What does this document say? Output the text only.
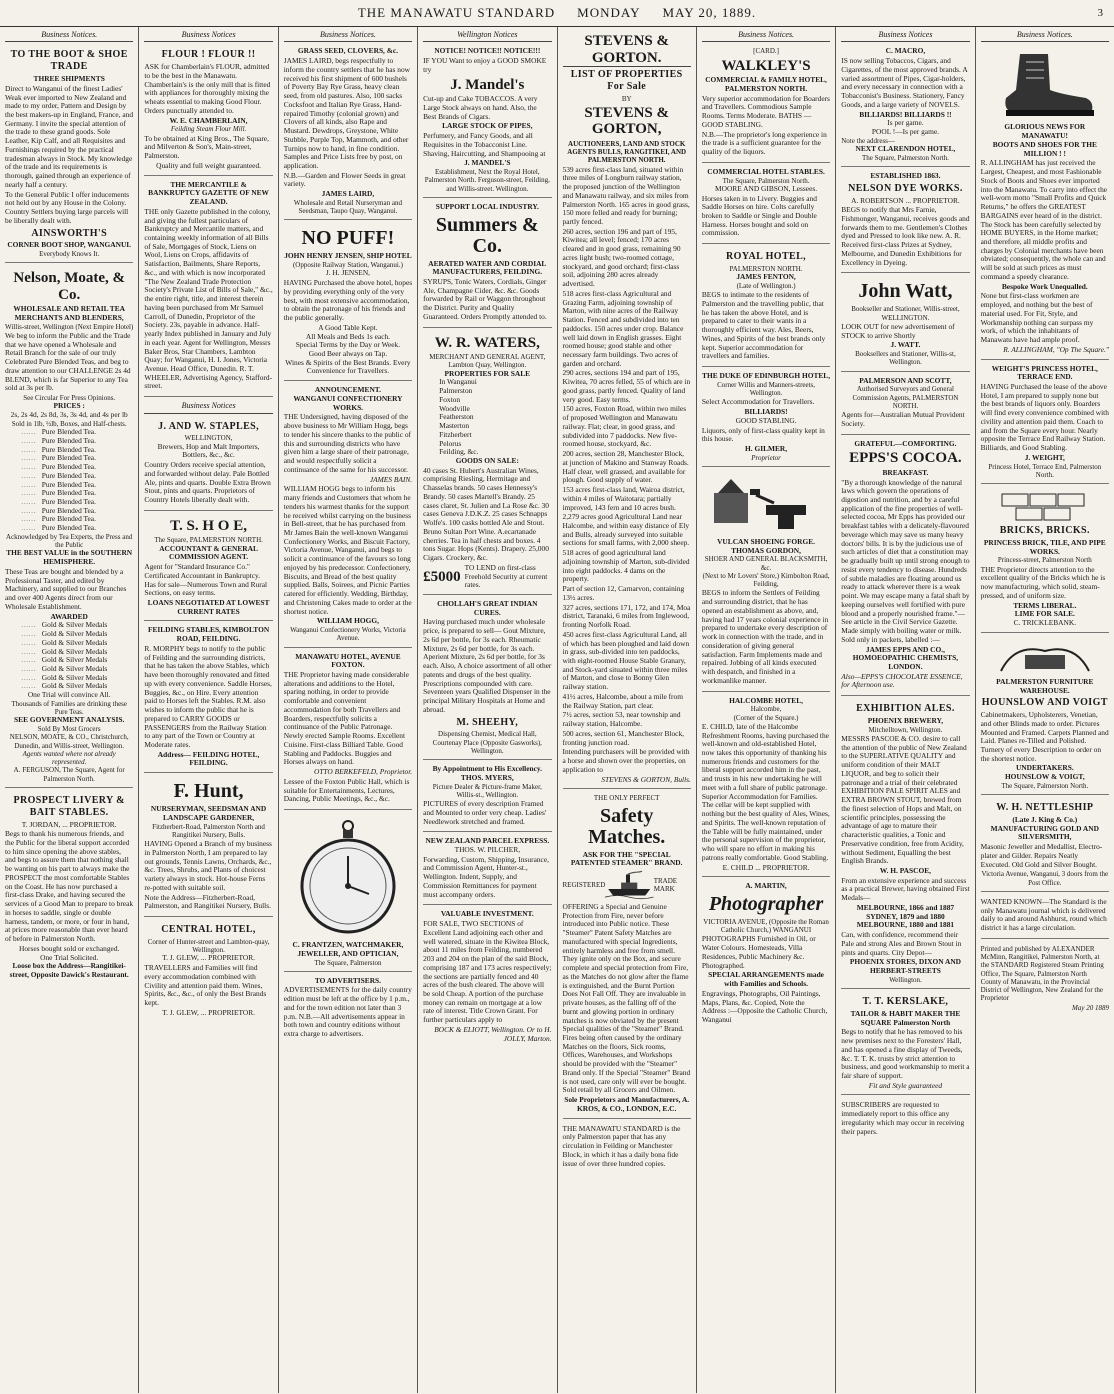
THE MANAWATU STANDARD MONDAY MAY 20, 1889.	3
Business Notices.
TO THE BOOT & SHOE TRADE
THREE SHIPMENTS

Direct to Wanganui of the finest Ladies' Weak ever imported to New Zealand and made to my order, Pattern and Design by the best makers-up in England, France, and Germany. I invite the special attention of the trade to these grand goods. Sole Leather, Kip Calf, and all Requisites and Furnishings required by the practical tradesman always in Stock. My knowledge of the trade and its requirements is thorough, gained through an experience of nearly half a century.

To the General Public I offer inducements not held out by any House in the Colony. Country Settlers buying large parcels will be liberally dealt with.

AINSWORTH'S
CORNER BOOT SHOP, WANGANUI.
Everybody Knows It.
Nelson, Moate, & Co.
WHOLESALE AND RETAIL TEA MERCHANTS AND BLENDERS,
Willis-street, Wellington (Next Empire Hotel)

We beg to inform the Public and the Trade that we have opened a Wholesale and Retail Branch for the sale of our truly Celebrated Pure Blended Teas, and beg to draw attention to our CHALLENGE 2s 4d BLEND, which is far Superior to any Tea sold at 3s per lb.

See Circular For Press Opinions.
PRICES :
2s, 2s 4d, 2s 8d, 3s, 3s 4d, and 4s per lb
Sold in 1lb, ½lb, Boxes, and Half-chests.
…… Pure Blended Tea.
…… Pure Blended Tea.
…… Pure Blended Tea.
…… Pure Blended Tea.
…… Pure Blended Tea.
…… Pure Blended Tea.
…… Pure Blended Tea.
…… Pure Blended Tea.
…… Pure Blended Tea.
…… Pure Blended Tea.
…… Pure Blended Tea.
…… Pure Blended Tea.
Acknowledged by Tea Experts, the Press and the Public
THE BEST VALUE in the SOUTHERN HEMISPHERE.

These Teas are bought and blended by a Professional Taster, and edited by Machinery, and supplied to our Branches and over 400 Agents direct from our Wholesale Establishment.

AWARDED
…… Gold & Silver Medals
…… Gold & Silver Medals
…… Gold & Silver Medals
…… Gold & Silver Medals
…… Gold & Silver Medals
…… Gold & Silver Medals
…… Gold & Silver Medals
…… Gold & Silver Medals
One Trial will convince All.
Thousands of Families are drinking these Pure Teas.
SEE GOVERNMENT ANALYSIS.
Sold By Most Grocers
NELSON, MOATE, & CO., Christchurch, Dunedin, and Willis-street, Wellington.
Agents wanted where not already represented.
A. FERGUSON, The Square, Agent for Palmerston North.
PROSPECT LIVERY & BAIT STABLES.
T. JORDAN, ... PROPRIETOR.

Begs to thank his numerous friends, and the Public for the liberal support accorded to him since opening the above stables, and begs to assure them that nothing shall be wanting on his part to always make the PROSPECT the most comfortable Stables on the Coast. He has now purchased a first-class Drake, and having secured the services of a Good Man to prepare to break in horses to saddle, single or double harness, tandem, or more, or four in hand, at prices more reasonable than ever heard of before in Palmerston North.

Horses bought sold or exchanged.
One Trial Solicited.
Loose box the Address—Rangitikei-street, Opposite Dawick's Restaurant.
Business Notices
FLOUR ! FLOUR !!

ASK for Chamberlain's FLOUR, admitted to be the best in the Manawatu. Chamberlain's is the only mill that is fitted with appliances for thoroughly mixing the wheats essential to making Good Flour. Orders punctually attended to.

W. E. CHAMBERLAIN,
Feilding Steam Flour Mill.

To be obtained at King Bros., The Square, and Milverton & Son's, Main-street, Palmerston.

Quality and full weight guaranteed.
THE MERCANTILE & BANKRUPTCY GAZETTE OF NEW ZEALAND.

THE only Gazette published in the colony, and giving the fullest particulars of Bankruptcy and Mercantile matters, and containing weekly information of all Bills of Sale, Mortgages of Stock, Liens on Wool, Liens on Crops, affidavits of Satisfaction, Bailments, Share Reports, &c., and with which is now incorporated "The New Zealand Trade Protection Society's Private List of Bills of Sale," &c., the entire right, title, and interest therein having been purchased from Mr Samuel Carroll, of Dunedin, Proprietor of the Society. 23s, payable in advance. Half-yearly Index published in January and July in each year. Agent for Wellington, Messrs Baker Bros, Star Chambers, Lambton Quay; for Wanganui, H. I. Jones, Victoria Avenue. Head Office, Dunedin. R. T. WHEELER, Advertising Agency, Stafford-street.

Business Notices
J. AND W. STAPLES,
WELLINGTON,
Brewers, Hop and Malt Importers, Bottlers, &c., &c.

Country Orders receive special attention, and forwarded without delay. Pale Bottled Ale, pints and quarts. Double Extra Brown Stout, pints and quarts. Proprietors of Country Hotels liberally dealt with.

T. S. H O E,
The Square, PALMERSTON NORTH.
ACCOUNTANT & GENERAL COMMISSION AGENT.

Agent for "Standard Insurance Co." Certificated Accountant in Bankruptcy. Has for sale—Numerous Town and Rural Sections, on easy terms.

LOANS NEGOTIATED AT LOWEST CURRENT RATES
FEILDING STABLES, KIMBOLTON ROAD, FEILDING.

R. MORPHY begs to notify to the public of Feilding and the surrounding districts, that he has taken the above Stables, which have been thoroughly renovated and fitted up with every convenience. Saddle Horses, Buggies, &c., on Hire. Every attention paid to Horses left the Stables. R.M. also wishes to inform the public that he is prepared to CARRY GOODS or PASSENGERS from the Railway Station to any part of the Town or Country at Moderate rates.

Address— FEILDING HOTEL, FEILDING.
F. Hunt,
NURSERYMAN, SEEDSMAN AND LANDSCAPE GARDENER,
Fitzherbert-Road, Palmerston North and Rangitikei Nursery, Bulls.

HAVING Opened a Branch of my business in Palmerston North, I am prepared to lay out grounds, Tennis Lawns, Orchards, &c., &c. Trees, Shrubs, and Plants of choicest variety always in stock. Hot-house Ferns re-potted with suitable soil.

Note the Address—Fitzherbert-Road, Palmerston, and Rangitikei Nursery, Bulls.

CENTRAL HOTEL,
Corner of Hunter-street and Lambton-quay, Wellington.
T. J. GLEW, ... PROPRIETOR.

TRAVELLERS and Families will find every accommodation combined with Civility and attention paid them. Wines, Spirits, &c., &c., of only the Best Brands kept.

T. J. GLEW, ... PROPRIETOR.
Business Notices.
GRASS SEED, CLOVERS, &c.

JAMES LAIRD, begs respectfully to inform the country settlers that he has now received his first shipment of 600 bushels of Poverty Bay Rye Grass, heavy clean seed, from old pastures. Also, 100 sacks Cocksfoot and Italian Rye Grass, Hand-repaired Timothy (colonial grown) and Clovers of all kinds, also Rape and Mustard. Dewdrops, Greystone, White Stubble, Purple Top, Mammoth, and other Turnips now to hand, in fine condition. Samples and Price Lists free by post, on application.

N.B.—Garden and Flower Seeds in great variety.

JAMES LAIRD,
Wholesale and Retail Nurseryman and Seedsman, Taupo Quay, Wanganui.
NO PUFF!
JOHN HENRY JENSEN, SHIP HOTEL
(Opposite Railway Station, Wanganui.)
J. H. JENSEN,

HAVING Purchased the above hotel, hopes by providing everything only of the very best, with most extensive accommodation, to obtain the patronage of his friends and the public generally.

A Good Table Kept.
All Meals and Beds 1s each.
Special Terms by the Day or Week.
Good Beer always on Tap.
Wines & Spirits of the Best Brands. Every Convenience for Travellers.
ANNOUNCEMENT.
WANGANUI CONFECTIONERY WORKS.

THE Undersigned, having disposed of the above business to Mr William Hogg, begs to tender his sincere thanks to the public of this and surrounding districts who have given him a large share of their patronage, and would respectfully solicit a continuance of the same for his successor.

JAMES BAIN.

WILLIAM HOGG begs to inform his many friends and Customers that whom he tenders his warmest thanks for the support he received whilst carrying on the business in Bell-street, that he has purchased from Mr James Bain the well-known Wanganui Confectionery Works, and Biscuit Factory, Victoria Avenue, Wanganui, and begs to solicit a continuance of the favours so long enjoyed by his predecessor. Confectionery, Biscuits, and Bread of the best quality supplied. Balls, Soirees, and Picnic Parties catered for efficiently. Wedding, Birthday, and Christening Cakes made to order at the shortest notice.

WILLIAM HOGG,
Wanganui Confectionery Works, Victoria Avenue.
MANAWATU HOTEL, AVENUE FOXTON.

THE Proprietor having made considerable alterations and additions to the Hotel, sparing nothing, in order to provide comfortable and convenient accommodation for both Travellers and Boarders, respectfully solicits a continuance of the Public Patronage. Newly erected Sample Rooms. Excellent Cuisine. First-class Billiard Table. Good Stabling and Paddocks. Buggies and Horses always on hand.

OTTO BERKEFELD, Proprietor.

Lessee of the Foxton Public Hall, which is suitable for Entertainments, Lectures, Dancing, Public Meetings, &c., &c.

C. FRANTZEN, WATCHMAKER, JEWELLER, AND OPTICIAN,
The Square, Palmerston
TO ADVERTISERS.

ADVERTISEMENTS for the daily country edition must be left at the office by 1 p.m., and for the town edition not later than 3 p.m. N.B.—All advertisements appear in both town and country editions without extra charge to advertisers.

Wellington Notices
NOTICE! NOTICE!! NOTICE!!!

IF YOU Want to enjoy a GOOD SMOKE try

J. Mandel's

Cut-up and Cake TOBACCOS. A very Large Stock always on hand. Also, the Best Brands of Cigars.

LARGE STOCK OF PIPES,

Perfumery, and Fancy Goods, and all Requisites in the Tobacconist Line. Shaving, Haircutting, and Shampooing at

J. MANDEL'S
Establishment, Next the Royal Hotel, Palmerston North. Ferguson-street, Feilding, and Willis-street. Wellington.
SUPPORT LOCAL INDUSTRY.
Summers & Co.
AERATED WATER AND CORDIAL MANUFACTURERS, FEILDING.

SYRUPS, Tonic Waters, Cordials, Ginger Ale, Champagne Cider, &c. &c. Goods forwarded by Rail or Waggon throughout the District. Purity and Quality Guaranteed. Orders Promptly attended to.

W. R. WATERS,
MERCHANT AND GENERAL AGENT, Lambton Quay, Wellington.
PROPERTIES FOR SALE
In Wanganui
Palmerston
Foxton
Woodville
Featherston
Masterton
Fitzherbert
Pelorus
Feilding, &c.
GOODS ON SALE:

40 cases St. Hubert's Australian Wines, comprising Riesling, Hermitage and Chasselas brands. 50 cases Hennessy's Brandy. 50 cases Martell's Brandy. 25 cases claret, St. Julien and La Rose &c. 30 cases Geneva J.D.K.Z. 25 cases Schnapps Wolfe's. 100 casks bottled Ale and Stout. Bruno Sultan Port Wine. A.ecartanade cherries. Tea in half chests and boxes. 4 tons Sugar. Hops (Kents). Drapery. 25,000 Cigars. Crockery, &c.

£5000
TO LEND on first-class Freehold Security at current rates.
CHOLLAH'S GREAT INDIAN CURES.

Having purchased much under wholesale price, is prepared to sell— Gout Mixture, 2s 6d per bottle, for 3s each. Rheumatic Mixture, 2s 6d per bottle, for 3s each. Aperient Mixture, 2s 6d per bottle, for 3s each. Also, A choice assortment of all other patents and drugs of the best quality. Prescriptions compounded with care. Seventeen years Qualified Dispenser in the principal Military Hospitals at Home and abroad.

M. SHEEHY,
Dispensing Chemist, Medical Hall, Courtenay Place (Opposite Gasworks), Wellington.
By Appointment to His Excellency. THOS. MYERS,
Picture Dealer & Picture-frame Maker, Willis-st., Wellington.

PICTURES of every description Framed and Mounted to order very cheap. Ladies' Needlework stretched and framed.

NEW ZEALAND PARCEL EXPRESS.
THOS. W. PILCHER,

Forwarding, Custom, Shipping, Insurance, and Commission Agent, Hunter-st., Wellington. Indent, Supply, and Commission Remittances for payment must accompany orders.

VALUABLE INVESTMENT.

FOR SALE, TWO SECTIONS of Excellent Land adjoining each other and well watered, situate in the Kiwitea Block, about 11 miles from Feilding, numbered 203 and 204 on the plan of the said Block, comprising 187 and 173 acres respectively; the sections are partially fenced and 40 acres of the bush cleared. The above will be sold Cheap. A portion of the purchase money can remain on mortgage at a low rate of interest. Title Crown Grant. For further particulars apply to

BOCK & ELIOTT, Wellington. Or to H. JOLLY, Marton.
STEVENS & GORTON.
LIST OF PROPERTIES For Sale
BY
STEVENS & GORTON,
AUCTIONEERS, LAND AND STOCK AGENTS BULLS, RANGITIKEI, AND PALMERSTON NORTH.

539 acres first-class land, situated within three miles of Longburn railway station, the proposed junction of the Wellington and Manawatu railway, and six miles from Palmerston North. 165 acres in good grass, 150 more felled and ready for burning; partly fenced.

260 acres, section 196 and part of 195, Kiwitea; all level; fenced; 170 acres cleared and in good grass, remaining 90 acres light bush; two-roomed cottage, stockyard, and good orchard; first-class soil, adjoining 280 acres already advertised.

518 acres first-class Agricultural and Grazing Farm, adjoining township of Marton, with nine acres of the Railway Station. Fenced and subdivided into ten paddocks. 150 acres under crop. Balance well laid down in English grasses. Eight roomed house; good stable and other necessary farm buildings. Two acres of garden and orchard.

290 acres, sections 194 and part of 195, Kiwitea, 70 acres felled, 55 of which are in good grass, partly fenced. Quality of land very good. Easy terms.

150 acres, Foxton Road, within two miles of proposed Wellington and Manawatu railway. Flat; clear, in good grass, and subdivided into 7 paddocks. New five-roomed house, stockyard, &c.

200 acres, section 28, Manchester Block, at junction of Makino and Stanway Roads. Half clear, well grassed, and available for plough. Good supply of water.

153 acres first-class land, Wairoa district, within 4 miles of Waitotara; partially improved, 143 fern and 10 acres bush.

2,279 acres good Agricultural Land near Halcombe, and within easy distance of Ely and Bulls, already surveyed into suitable sections for small farms, with 2,000 sheep.

518 acres of good agricultural land adjoining township of Marton, sub-divided into eight paddocks. 4 dams on the property.

Part of section 12, Carnarvon, containing 13½ acres.

327 acres, sections 171, 172, and 174, Moa district, Taranaki, 6 miles from Inglewood, fronting Norfolk Road.

450 acres first-class Agricultural Land, all of which has been ploughed and laid down in grass, sub-divided into ten paddocks, with eight-roomed House Stable Granary, and Stock-yard situated within three miles of Marton, and close to Bonny Glen railway station.

41½ acres, Halcombe, about a mile from the Railway Station, part clear.

7½ acres, section 53, near township and railway station, Halcombe.

500 acres, section 61, Manchester Block, fronting junction road.

Intending purchasers will be provided with a horse and shown over the properties, on application to

STEVENS & GORTON, Bulls.
THE ONLY PERFECT
Safety Matches.
ASK FOR THE "SPECIAL PATENTED STEAMER" BRAND.
REGISTERED
TRADE MARK

OFFERING a Special and Genuine Protection from Fire, never before introduced into Public notice. These "Steamer" Patent Safety Matches are manufactured with special Ingredients, entirely harmless and free from smell. They ignite only on the Box, and secure complete and special protection from Fire, as the Matches do not glow after the flame is extinguished, and the Burnt Portion Does Not Fall Off. They are invaluable in private houses, as the falling off of the burnt and glowing portion in ordinary matches is now obviated by the present Special qualities of the "Steamer" Brand. Fires being often caused by the ordinary Matches on the floors, Sick rooms, Offices, Warehouses, and Workshops should be provided with the "Steamer" Brand only. If the Special "Steamer" Brand is not used, care only will ever be bought. Sold retail by all Grocers and Oilmen.

Sole Proprietors and Manufacturers, A. KROS, & CO., LONDON, E.C.

THE MANAWATU STANDARD is the only Palmerston paper that has any circulation in Feilding or Manchester Block, in which it has a daily bona fide issue of over three hundred copies.

Business Notices.
[CARD.]
WALKLEY'S
COMMERCIAL & FAMILY HOTEL, PALMERSTON NORTH.

Very superior accommodation for Boarders and Travellers. Commodious Sample Rooms. Terms Moderate. BATHS — GOOD STABLING.

N.B.—The proprietor's long experience in the trade is a sufficient guarantee for the quality of the liquors.

COMMERCIAL HOTEL STABLES.
The Square, Palmerston North.
MOORE AND GIBSON, Lessees.

Horses taken in to Livery. Buggies and Saddle Horses on hire. Colts carefully broken to Saddle or Single and Double Harness. Horses bought and sold on commission.

ROYAL HOTEL,
PALMERSTON NORTH.
JAMES FENTON,
(Late of Wellington.)

BEGS to intimate to the residents of Palmerston and the travelling public, that he has taken the above Hotel, and is prepared to cater to their wants in a thoroughly efficient way. Ales, Beers, Wines, and Spirits of the best brands only kept. Superior accommodation for travellers and families.

THE DUKE OF EDINBURGH HOTEL,
Corner Willis and Manners-streets, Wellington.

Select Accommodation for Travellers.

BILLIARDS!
GOOD STABLING.

Liquors, only of first-class quality kept in this house.

H. GILMER,
Proprietor
VULCAN SHOEING FORGE.
THOMAS GORDON,
SHOER AND GENERAL BLACKSMITH, &c.
(Next to Mr Lovers' Store,) Kimbolton Road, Feilding,

BEGS to inform the Settlers of Feilding and surrounding district, that he has opened an establishment as above, and, having had 17 years colonial experience in prepared to undertake every description of work in connection with the trade, and in consideration of giving general satisfaction. Farm Implements made and repaired. Jobbing of all kinds executed with despatch, and finished in a workmanlike manner.

HALCOMBE HOTEL,
Halcombe,
(Corner of the Square.)

E. CHILD, late of the Halcombe Refreshment Rooms, having purchased the well-known and old-established Hotel, now takes this opportunity of thanking his numerous friends and customers for the liberal support accorded him in the past, and trusts in his new undertaking he will meet with a full share of public patronage. Superior Accommodation for Families. The cellar will be kept supplied with nothing but the best quality of Ales, Wines, and Spirits. The well-known reputation of the Table will be fully maintained, under the personal supervision of the proprietor, who will spare no effort in making his patrons really comfortable. Good Stabling.

E. CHILD ... PROPRIETOR.
A. MARTIN,
Photographer
VICTORIA AVENUE, (Opposite the Roman Catholic Church,) WANGANUI

PHOTOGRAPHS Furnished in Oil, or Water Colours. Homesteads, Villa Residences, Public Machinery &c. Photographed.

SPECIAL ARRANGEMENTS made with Families and Schools.

Engravings, Photographs, Oil Paintings, Maps, Plans, &c. Copied, Note the Address :—Opposite the Catholic Church, Wanganui

Business Notices
C. MACRO,

IS now selling Tobaccos, Cigars, and Cigarettes, of the most approved brands. A varied assortment of Pipes, Cigar-holders, and every necessary in connection with a Tobacconist's Business. Stationery, Fancy Goods, and a large variety of NOVELS.

BILLIARDS! BILLIARDS !!
Is per game.
POOL !—Is per game.
Note the address—
NEXT CLARENDON HOTEL,
The Square, Palmerston North.
ESTABLISHED 1863.
NELSON DYE WORKS.
A. ROBERTSON ... PROPRIETOR.

BEGS to notify that Mrs Farnie, Fishmonger, Wanganui, receives goods and forwards them to me. Gentlemen's Clothes dyed and Pressed to look like new. A. R. Received first-class Prizes at Sydney, Melbourne, and Dunedin Exhibitions for Excellency in Dyeing.

John Watt,
Bookseller and Stationer, Willis-street, WELLINGTON.

LOOK OUT for new advertisement of STOCK to arrive Shortly

J. WATT.
Booksellers and Stationer, Willis-st, Wellington.
PALMERSON AND SCOTT,
Authorised Surveyors and General Commission Agents, PALMERSTON NORTH.

Agents for—Australian Mutual Provident Society.

GRATEFUL—COMFORTING.
EPPS'S COCOA.
BREAKFAST.

"By a thorough knowledge of the natural laws which govern the operations of digestion and nutrition, and by a careful application of the fine properties of well-selected cocoa, Mr Epps has provided our breakfast tables with a delicately-flavoured beverage which may save us many heavy doctors' bills. It is by the judicious use of such articles of diet that a constitution may be gradually built up until strong enough to resist every tendency to disease. Hundreds of subtle maladies are floating around us ready to attack wherever there is a weak point. We may escape many a fatal shaft by keeping ourselves well fortified with pure blood and a properly nourished frame."—See article in the Civil Service Gazette. Made simply with boiling water or milk. Sold only in packets, labelled :—

JAMES EPPS AND CO., HOMOEOPATHIC CHEMISTS, LONDON.

Also—EPPS'S CHOCOLATE ESSENCE, for Afternoon use.

EXHIBITION ALES.
PHOENIX BREWERY,
Mitchelltown, Wellington.

MESSRS PASCOE & CO. desire to call the attention of the public of New Zealand to the SUPERLATIVE QUALITY and uniform condition of their MALT LIQUOR, and beg to solicit their patronage and a trial of their celebrated EXHIBITION PALE SPIRIT ALES and EXTRA BROWN STOUT, brewed from the finest selection of Hops and Malt, on scientific principles, possessing the advantage of age to mature their characteristic qualities, a Tonic and Preservative condition, free from Acidity, without Sediment, Equalling the best English Brands.

W. H. PASCOE,

From an extensive experience and success as a practical Brewer, having obtained First Medals—

MELBOURNE, 1866 and 1887 SYDNEY, 1879 and 1880 MELBOURNE, 1880 and 1881

Can, with confidence, recommend their Pale and strong Ales and Brown Stout in pints and quarts. City Depot—

PHOENIX STORES, DIXON AND HERBERT-STREETS
Wellington.
T. T. KERSLAKE,
TAILOR & HABIT MAKER THE SQUARE Palmerston North

Begs to notify that he has removed to his new premises next to the Foresters' Hall, and has opened a fine display of Tweeds, &c. T. T. K. trusts by strict attention to business, and good workmanship to merit a fair share of support.

Fit and Style guaranteed

SUBSCRIBERS are requested to immediately report to this office any irregularity which may occur in receiving their papers.

Business Notices.
GLORIOUS NEWS FOR MANAWATU!
BOOTS AND SHOES FOR THE MILLION ! !

R. ALLINGHAM has just received the Largest, Cheapest, and most Fashionable Stock of Boots and Shoes ever imported into the Manawatu. To carry into effect the well-worn motto "Small Profits and Quick Returns," he offers the GREATEST BARGAINS ever heard of in the district. The Stock has been carefully selected by HOME BUYERS, in the Home market; and therefore, all middle profits and charges by Colonial merchants have been obviated; consequently, the whole can and will be sold at such prices as must command a speedy clearance.

Bespoke Work Unequalled.

None but first-class workmen are employed, and nothing but the best of material used. For Fit, Style, and Workmanship nothing can surpass my work, of which the inhabitants of Manawatu have had ample proof.

R. ALLINGHAM, "Op The Square."
WEIGHT'S PRINCESS HOTEL, TERRACE END.

HAVING Purchased the lease of the above Hotel, I am prepared to supply none but the best brands of liquors only. Boarders will find every convenience combined with civility and attention paid them. Coach to and from the Square every hour. Nearly opposite the Terrace End Railway Station. Billiards, and Good Stabling.

J. WEIGHT,
Princess Hotel, Terrace End, Palmerston North.
BRICKS, BRICKS.
PRINCESS BRICK, TILE, AND PIPE WORKS.
Princess-street, Palmerston North

THE Proprietor directs attention to the excellent quality of the Bricks which he is now manufacturing, which solid, steam-pressed, and of uniform size.

TERMS LIBERAL.
LIME FOR SALE.
C. TRICKLEBANK.
PALMERSTON FURNITURE WAREHOUSE.
HOUNSLOW AND VOIGT

Cabinetmakers, Upholsterers, Venetian, and other Blinds made to order. Pictures Mounted and Framed. Carpets Planned and Laid. Planes re-Tilled and Polished. Turnery of every Description to order on the shortest notice.

UNDERTAKERS.
HOUNSLOW & VOIGT,
The Square, Palmerston North.
W. H. NETTLESHIP
(Late J. King & Co.) MANUFACTURING GOLD AND SILVERSMITH,

Masonic Jeweller and Medallist, Electro-plater and Gilder. Repairs Neatly Executed. Old Gold and Silver Bought.

Victoria Avenue, Wanganui, 3 doors from the Post Office.

WANTED KNOWN—The Standard is the only Manawatu journal which is delivered daily to and around Ashhurst, round which district it has a large circulation.

Printed and published by ALEXANDER McMinn, Rangitikei, Palmerston North, at the STANDARD Registered Steam Printing Office, The Square, Palmerston North County of Manawatu, in the Provincial District of Wellington, New Zealand for the Proprietor

May 20 1889
